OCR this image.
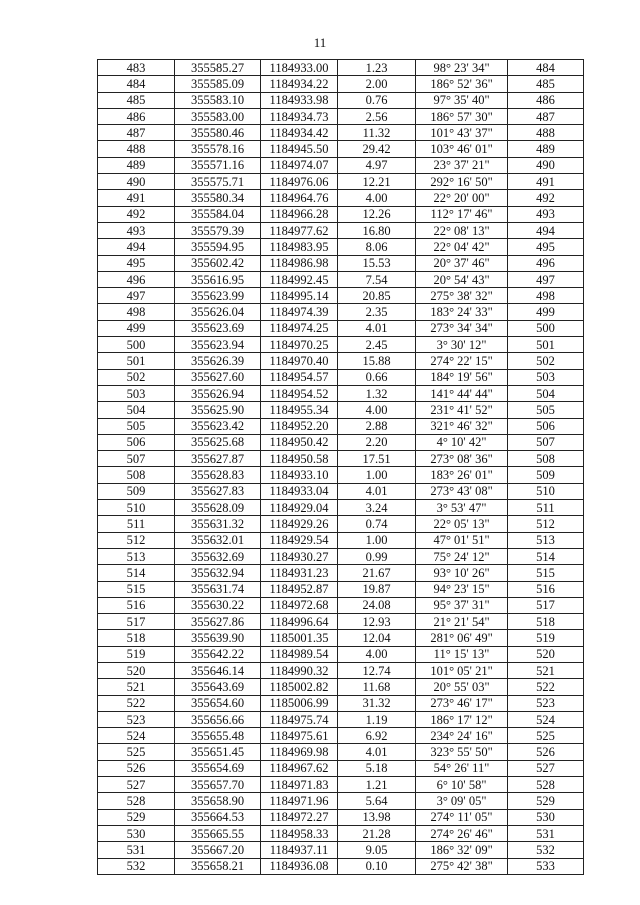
11
483	355585.27	1184933.00	1.23	98° 23' 34"	484
484	355585.09	1184934.22	2.00	186° 52' 36"	485
485	355583.10	1184933.98	0.76	97° 35' 40"	486
486	355583.00	1184934.73	2.56	186° 57' 30"	487
487	355580.46	1184934.42	11.32	101° 43' 37"	488
488	355578.16	1184945.50	29.42	103° 46' 01"	489
489	355571.16	1184974.07	4.97	23° 37' 21"	490
490	355575.71	1184976.06	12.21	292° 16' 50"	491
491	355580.34	1184964.76	4.00	22° 20' 00"	492
492	355584.04	1184966.28	12.26	112° 17' 46"	493
493	355579.39	1184977.62	16.80	22° 08' 13"	494
494	355594.95	1184983.95	8.06	22° 04' 42"	495
495	355602.42	1184986.98	15.53	20° 37' 46"	496
496	355616.95	1184992.45	7.54	20° 54' 43"	497
497	355623.99	1184995.14	20.85	275° 38' 32"	498
498	355626.04	1184974.39	2.35	183° 24' 33"	499
499	355623.69	1184974.25	4.01	273° 34' 34"	500
500	355623.94	1184970.25	2.45	3° 30' 12"	501
501	355626.39	1184970.40	15.88	274° 22' 15"	502
502	355627.60	1184954.57	0.66	184° 19' 56"	503
503	355626.94	1184954.52	1.32	141° 44' 44"	504
504	355625.90	1184955.34	4.00	231° 41' 52"	505
505	355623.42	1184952.20	2.88	321° 46' 32"	506
506	355625.68	1184950.42	2.20	4° 10' 42"	507
507	355627.87	1184950.58	17.51	273° 08' 36"	508
508	355628.83	1184933.10	1.00	183° 26' 01"	509
509	355627.83	1184933.04	4.01	273° 43' 08"	510
510	355628.09	1184929.04	3.24	3° 53' 47"	511
511	355631.32	1184929.26	0.74	22° 05' 13"	512
512	355632.01	1184929.54	1.00	47° 01' 51"	513
513	355632.69	1184930.27	0.99	75° 24' 12"	514
514	355632.94	1184931.23	21.67	93° 10' 26"	515
515	355631.74	1184952.87	19.87	94° 23' 15"	516
516	355630.22	1184972.68	24.08	95° 37' 31"	517
517	355627.86	1184996.64	12.93	21° 21' 54"	518
518	355639.90	1185001.35	12.04	281° 06' 49"	519
519	355642.22	1184989.54	4.00	11° 15' 13"	520
520	355646.14	1184990.32	12.74	101° 05' 21"	521
521	355643.69	1185002.82	11.68	20° 55' 03"	522
522	355654.60	1185006.99	31.32	273° 46' 17"	523
523	355656.66	1184975.74	1.19	186° 17' 12"	524
524	355655.48	1184975.61	6.92	234° 24' 16"	525
525	355651.45	1184969.98	4.01	323° 55' 50"	526
526	355654.69	1184967.62	5.18	54° 26' 11"	527
527	355657.70	1184971.83	1.21	6° 10' 58"	528
528	355658.90	1184971.96	5.64	3° 09' 05"	529
529	355664.53	1184972.27	13.98	274° 11' 05"	530
530	355665.55	1184958.33	21.28	274° 26' 46"	531
531	355667.20	1184937.11	9.05	186° 32' 09"	532
532	355658.21	1184936.08	0.10	275° 42' 38"	533
